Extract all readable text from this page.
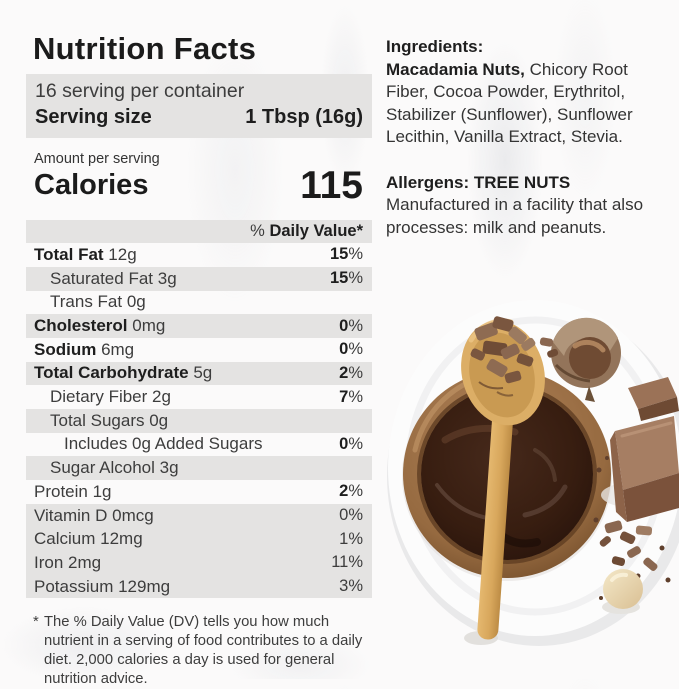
Nutrition Facts
16 serving per container
Serving size	1 Tbsp (16g)
Amount per serving
Calories	115
% Daily Value*
Total Fat 12g	15%
Saturated Fat 3g	15%
Trans Fat 0g
Cholesterol 0mg	0%
Sodium 6mg	0%
Total Carbohydrate 5g	2%
Dietary Fiber 2g	7%
Total Sugars 0g
Includes 0g Added Sugars	0%
Sugar Alcohol 3g
Protein 1g	2%
Vitamin D 0mcg	0%
Calcium 12mg	1%
Iron 2mg	11%
Potassium 129mg	3%
* The % Daily Value (DV) tells you how much nutrient in a serving of food contributes to a daily diet. 2,000 calories a day is used for general nutrition advice.
Ingredients:
Macadamia Nuts, Chicory Root Fiber, Cocoa Powder, Erythritol, Stabilizer (Sunflower), Sunflower Lecithin, Vanilla Extract, Stevia.
Allergens: TREE NUTS
Manufactured in a facility that also processes: milk and peanuts.
